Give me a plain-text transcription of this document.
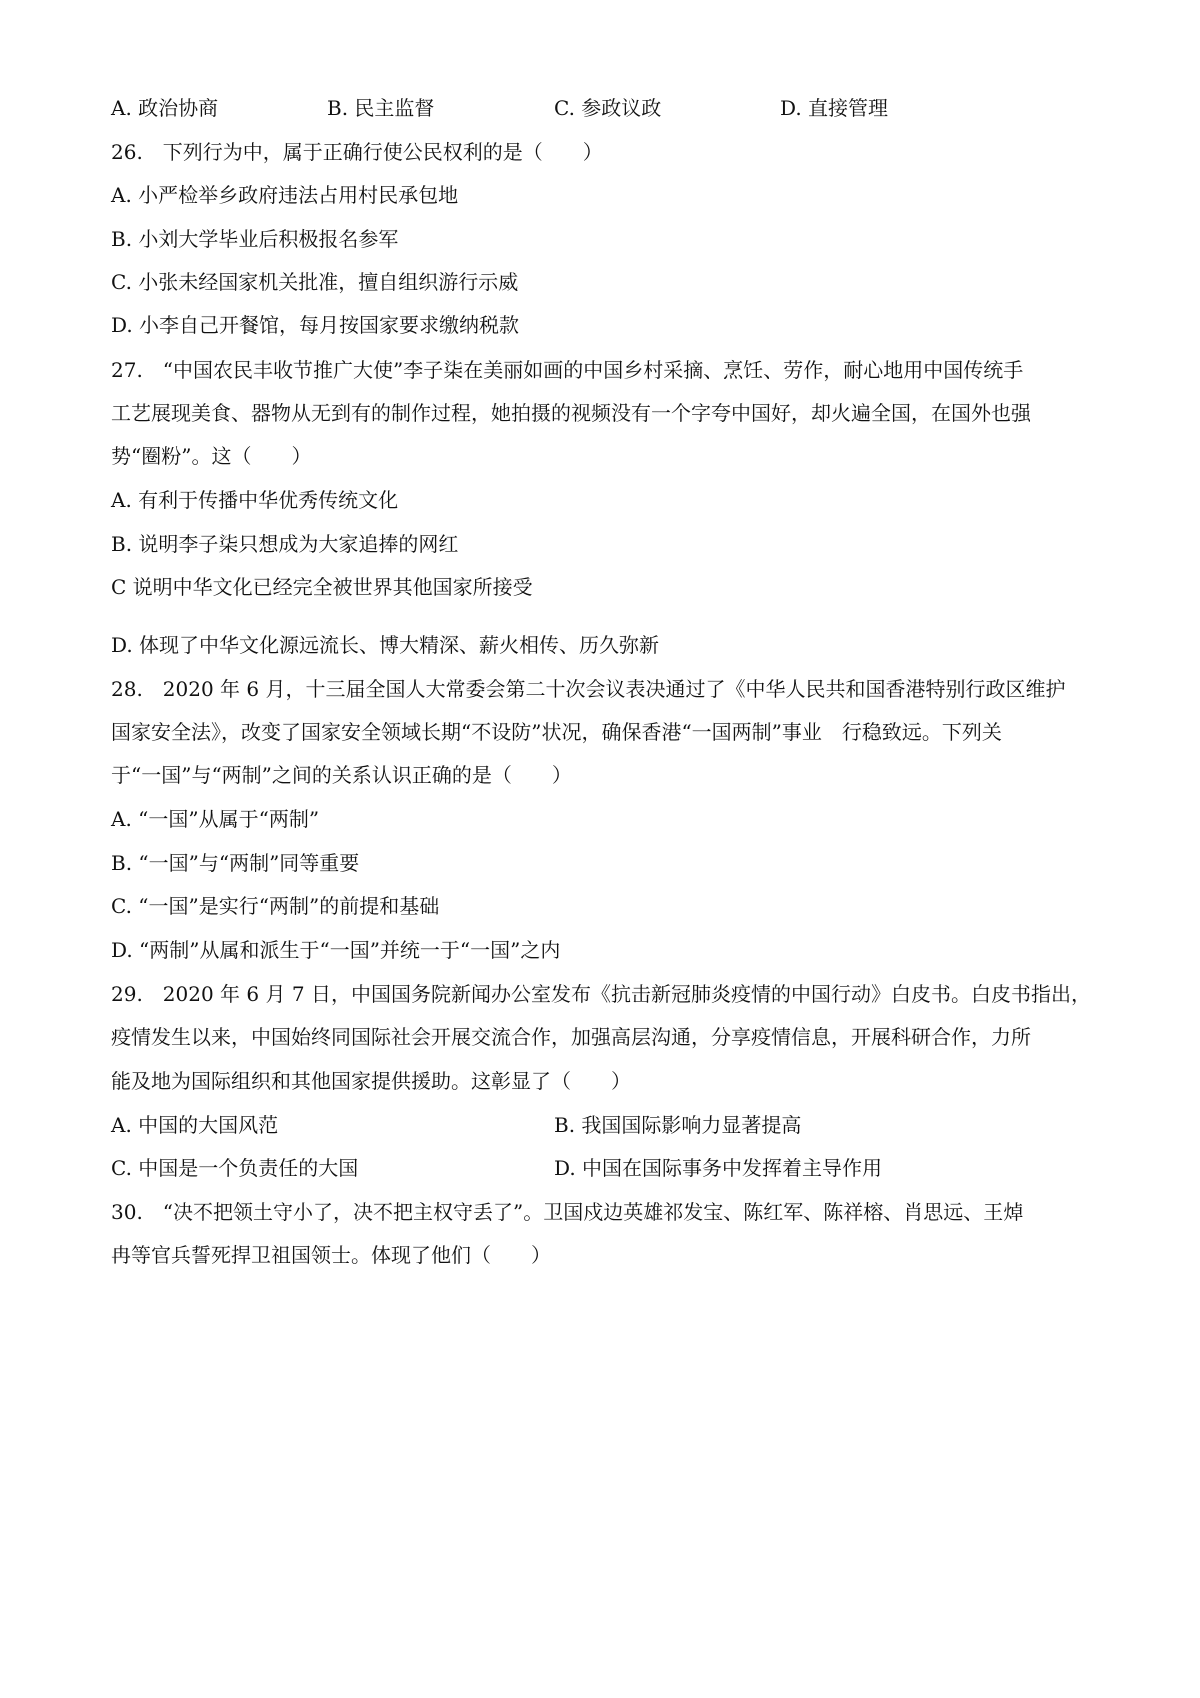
A. 政治协商	B. 民主监督	C. 参政议政	D. 直接管理
26.　下列行为中，属于正确行使公民权利的是（　　）
A. 小严检举乡政府违法占用村民承包地
B. 小刘大学毕业后积极报名参军
C. 小张未经国家机关批准，擅自组织游行示威
D. 小李自己开餐馆，每月按国家要求缴纳税款
27.　“中国农民丰收节推广大使”李子柒在美丽如画的中国乡村采摘、烹饪、劳作，耐心地用中国传统手
工艺展现美食、器物从无到有的制作过程，她拍摄的视频没有一个字夸中国好，却火遍全国，在国外也强
势“圈粉”。这（　　）
A. 有利于传播中华优秀传统文化
B. 说明李子柒只想成为大家追捧的网红
C 说明中华文化已经完全被世界其他国家所接受
D. 体现了中华文化源远流长、博大精深、薪火相传、历久弥新
28.　2020 年 6 月，十三届全国人大常委会第二十次会议表决通过了《中华人民共和国香港特别行政区维护
国家安全法》，改变了国家安全领域长期“不设防”状况，确保香港“一国两制”事业　行稳致远。下列关
于“一国”与“两制”之间的关系认识正确的是（　　）
A. “一国”从属于“两制”
B. “一国”与“两制”同等重要
C. “一国”是实行“两制”的前提和基础
D. “两制”从属和派生于“一国”并统一于“一国”之内
29.　2020 年 6 月 7 日，中国国务院新闻办公室发布《抗击新冠肺炎疫情的中国行动》白皮书。白皮书指出，
疫情发生以来，中国始终同国际社会开展交流合作，加强高层沟通，分享疫情信息，开展科研合作，力所
能及地为国际组织和其他国家提供援助。这彰显了（　　）
A. 中国的大国风范	B. 我国国际影响力显著提高
C. 中国是一个负责任的大国	D. 中国在国际事务中发挥着主导作用
30.　“决不把领土守小了，决不把主权守丢了”。卫国戍边英雄祁发宝、陈红军、陈祥榕、肖思远、王焯
冉等官兵誓死捍卫祖国领士。体现了他们（　　）
